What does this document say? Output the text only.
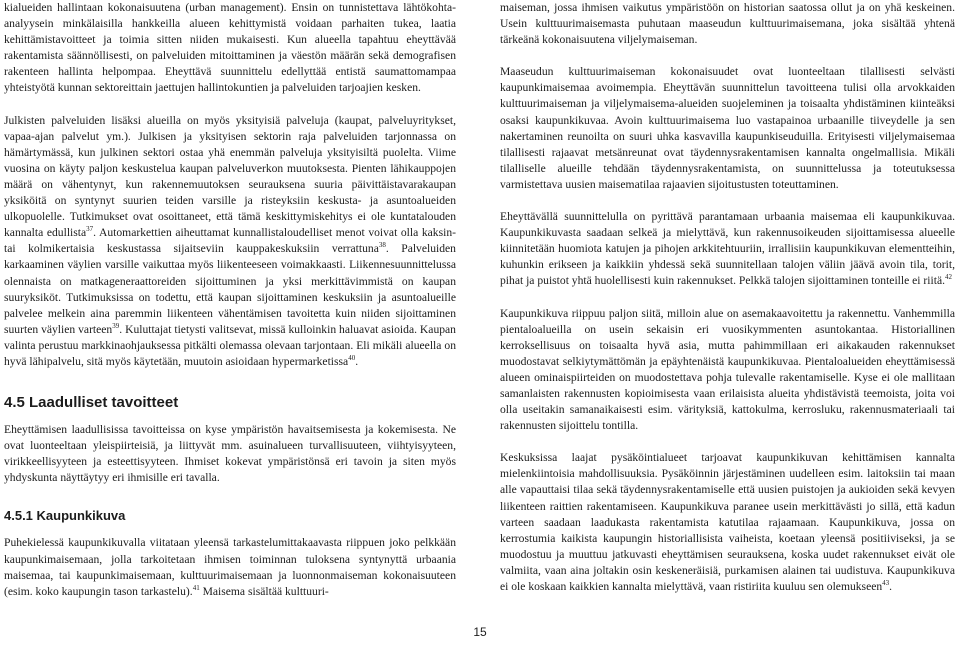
kialueiden hallintaan kokonaisuutena (urban management). Ensin on tunnistettava lähtökohta-analyysein minkälaisilla hankkeilla alueen kehittymistä voidaan parhaiten tukea, laatia kehittämistavoitteet ja toimia sitten niiden mukaisesti. Kun alueella tapahtuu eheyttävää rakentamista säännöllisesti, on palveluiden mitoittaminen ja väestön määrän sekä demografisen rakenteen hallinta helpompaa. Eheyttävä suunnittelu edellyttää entistä saumattomampaa yhteistyötä kunnan sektoreittain jaettujen hallintokuntien ja palveluiden tarjoajien kesken.

Julkisten palveluiden lisäksi alueilla on myös yksityisiä palveluja (kaupat, palveluyritykset, vapaa-ajan palvelut ym.). Julkisen ja yksityisen sektorin raja palveluiden tarjonnassa on hämärtymässä, kun julkinen sektori ostaa yhä enemmän palveluja yksityisiltä puolelta. Viime vuosina on käyty paljon keskustelua kaupan palveluverkon muutoksesta. Pienten lähikauppojen määrä on vähentynyt, kun rakennemuutoksen seurauksena suuria päivittäistavarakaupan yksiköitä on syntynyt suurien teiden varsille ja risteyksiin keskusta- ja asuntoalueiden ulkopuolelle. Tutkimukset ovat osoittaneet, että tämä keskittymiskehitys ei ole kuntatalouden kannalta edullista$^{37}$. Automarkettien aiheuttamat kunnallistaloudelliset menot voivat olla kaksin- tai kolmikertaisia keskustassa sijaitseviin kauppakeskuksiin verrattuna$^{38}$. Palveluiden karkaaminen väylien varsille vaikuttaa myös liikenteeseen voimakkaasti. Liikennesuunnittelussa olennaista on matkageneraattoreiden sijoittuminen ja yksi merkittävimmistä on kaupan suuryksiköt. Tutkimuksissa on todettu, että kaupan sijoittaminen keskuksiin ja asuntoalueille palvelee melkein aina paremmin liikenteen vähentämisen tavoitetta kuin niiden sijoittaminen suurten väylien varteen$^{39}$. Kuluttajat tietysti valitsevat, missä kulloinkin haluavat asioida. Kaupan valinta perustuu markkinaohjauksessa pitkälti olemassa olevaan tarjontaan. Eli mikäli alueella on hyvä lähipalvelu, sitä myös käytetään, muutoin asioidaan hypermarketissa$^{40}$.

4.5 Laadulliset tavoitteet

Eheyttämisen laadullisissa tavoitteissa on kyse ympäristön havaitsemisesta ja kokemisesta. Ne ovat luonteeltaan yleispiirteisiä, ja liittyvät mm. asuinalueen turvallisuuteen, viihtyisyyteen, virikkeellisyyteen ja esteettisyyteen. Ihmiset kokevat ympäristönsä eri tavoin ja siten myös yhdyskunta näyttäytyy eri ihmisille eri tavalla.

4.5.1 Kaupunkikuva

Puhekielessä kaupunkikuvalla viitataan yleensä tarkastelumittakaavasta riippuen joko pelkkään kaupunkimaisemaan, jolla tarkoitetaan ihmisen toiminnan tuloksena syntynyttä urbaania maisemaa, tai kaupunkimaisemaan, kulttuurimaisemaan ja luonnonmaiseman kokonaisuuteen (esim. koko kaupungin tason tarkastelu).$^{41}$ Maisema sisältää kulttuuri-

maiseman, jossa ihmisen vaikutus ympäristöön on historian saatossa ollut ja on yhä keskeinen. Usein kulttuurimaisemasta puhutaan maaseudun kulttuurimaisemana, joka sisältää yhtenä tärkeänä kokonaisuutena viljelymaiseman.

Maaseudun kulttuurimaiseman kokonaisuudet ovat luonteeltaan tilallisesti selvästi kaupunkimaisemaa avoimempia. Eheyttävän suunnittelun tavoitteena tulisi olla arvokkaiden kulttuurimaiseman ja viljelymaisema-alueiden suojeleminen ja toisaalta yhdistäminen kiinteäksi osaksi kaupunkikuvaa. Avoin kulttuurimaisema luo vastapainoa urbaanille tiiveydelle ja sen nakertaminen reunoilta on suuri uhka kasvavilla kaupunkiseuduilla. Erityisesti viljelymaisemaa tilallisesti rajaavat metsänreunat ovat täydennysrakentamisen kannalta ongelmallisia. Mikäli tilalliselle alueille tehdään täydennysrakentamista, on suunnittelussa ja toteutuksessa varmistettava uusien maisematilaa rajaavien sijoitustusten toteuttaminen.

Eheyttävällä suunnittelulla on pyrittävä parantamaan urbaania maisemaa eli kaupunkikuvaa. Kaupunkikuvasta saadaan selkeä ja mielyttävä, kun rakennusoikeuden sijoittamisessa alueelle kiinnitetään huomiota katujen ja pihojen arkkitehtuuriin, irrallisiin kaupunkikuvan elementteihin, kuhunkin erikseen ja kaikkiin yhdessä sekä suunnitellaan talojen väliin jäävä avoin tila, torit, pihat ja puistot yhtä huolellisesti kuin rakennukset. Pelkkä talojen sijoittaminen tonteille ei riitä.$^{42}$

Kaupunkikuva riippuu paljon siitä, milloin alue on asemakaavoitettu ja rakennettu. Vanhemmilla pientaloalueilla on usein sekaisin eri vuosikymmenten asuntokantaa. Historiallinen kerroksellisuus on toisaalta hyvä asia, mutta pahimmillaan eri aikakauden rakennukset muodostavat selkiytymättömän ja epäyhtenäistä kaupunkikuvaa. Pientaloalueiden eheyttämisessä alueen ominaispiirteiden on muodostettava pohja tulevalle rakentamiselle. Kyse ei ole mallitaan samanlaisten rakennusten kopioimisesta vaan erilaisista alueita yhdistävistä teemoista, joita voi olla useitakin samanaikaisesti esim. värityksiä, kattokulma, kerrosluku, rakennusmateriaali tai rakennusten sijoittelu tontilla.

Keskuksissa laajat pysäköintialueet tarjoavat kaupunkikuvan kehittämisen kannalta mielenkiintoisia mahdollisuuksia. Pysäköinnin järjestäminen uudelleen esim. laitoksiin tai maan alle vapauttaisi tilaa sekä täydennysrakentamiselle että uusien puistojen ja aukioiden sekä kevyen liikenteen raittien rakentamiseen. Kaupunkikuva paranee usein merkittävästi jo sillä, että kadun varteen saadaan laadukasta rakentamista katutilaa rajaamaan. Kaupunkikuva, jossa on kerrostumia kaikista kaupungin historiallisista vaiheista, koetaan yleensä positiiviseksi, ja se muodostuu ja muuttuu jatkuvasti eheyttämisen seurauksena, koska uudet rakennukset eivät ole valmiita, vaan aina joltakin osin keskeneräisiä, purkamisen alainen tai uudistuva. Kaupunkikuva ei ole koskaan kaikkien kannalta mielyttävä, vaan ristiriita kuuluu sen olemukseen$^{43}$.

15
